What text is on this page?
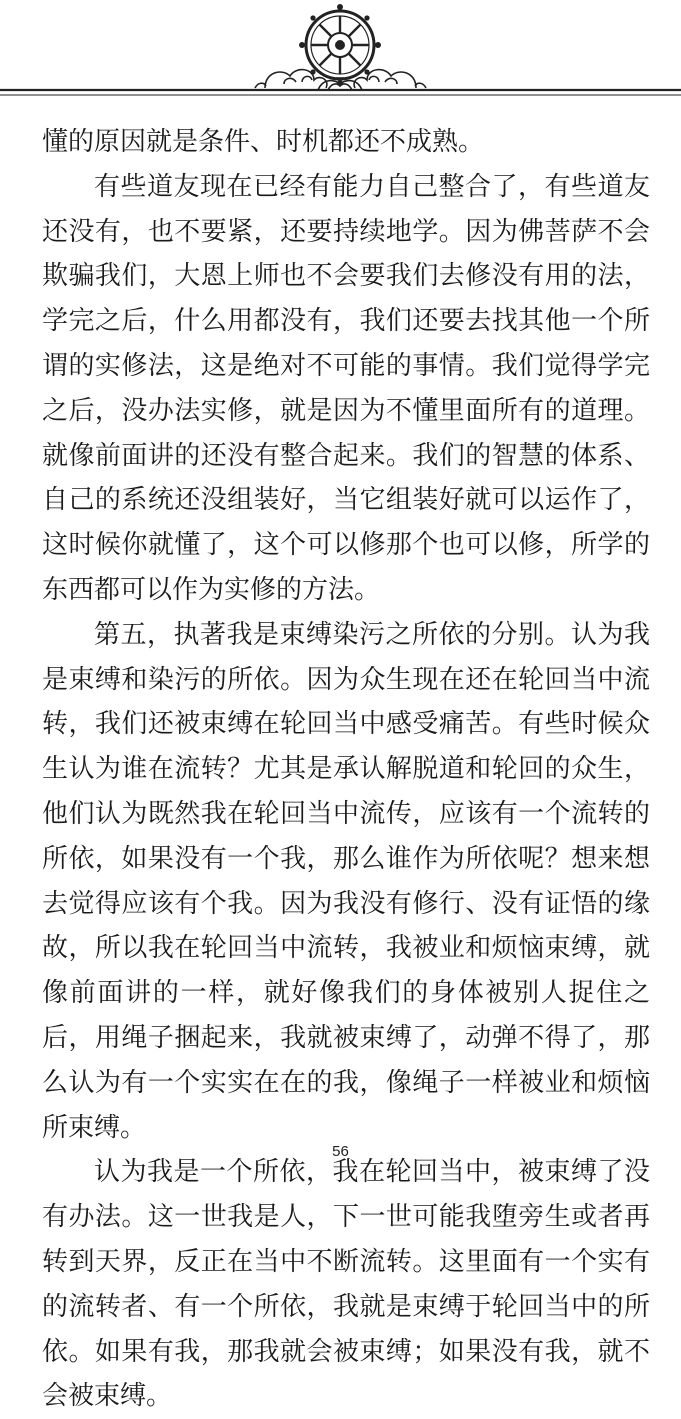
懂的原因就是条件、时机都还不成熟。

有些道友现在已经有能力自己整合了，有些道友还没有，也不要紧，还要持续地学。因为佛菩萨不会欺骗我们，大恩上师也不会要我们去修没有用的法，学完之后，什么用都没有，我们还要去找其他一个所谓的实修法，这是绝对不可能的事情。我们觉得学完之后，没办法实修，就是因为不懂里面所有的道理。就像前面讲的还没有整合起来。我们的智慧的体系、自己的系统还没组装好，当它组装好就可以运作了，这时候你就懂了，这个可以修那个也可以修，所学的东西都可以作为实修的方法。

第五，执著我是束缚染污之所依的分别。认为我是束缚和染污的所依。因为众生现在还在轮回当中流转，我们还被束缚在轮回当中感受痛苦。有些时候众生认为谁在流转？尤其是承认解脱道和轮回的众生，他们认为既然我在轮回当中流传，应该有一个流转的所依，如果没有一个我，那么谁作为所依呢？想来想去觉得应该有个我。因为我没有修行、没有证悟的缘故，所以我在轮回当中流转，我被业和烦恼束缚，就像前面讲的一样，就好像我们的身体被别人捉住之后，用绳子捆起来，我就被束缚了，动弹不得了，那么认为有一个实实在在的我，像绳子一样被业和烦恼所束缚。

认为我是一个所依，我在轮回当中，被束缚了没有办法。这一世我是人，下一世可能我堕旁生或者再转到天界，反正在当中不断流转。这里面有一个实有的流转者、有一个所依，我就是束缚于轮回当中的所依。如果有我，那我就会被束缚；如果没有我，就不会被束缚。

56
